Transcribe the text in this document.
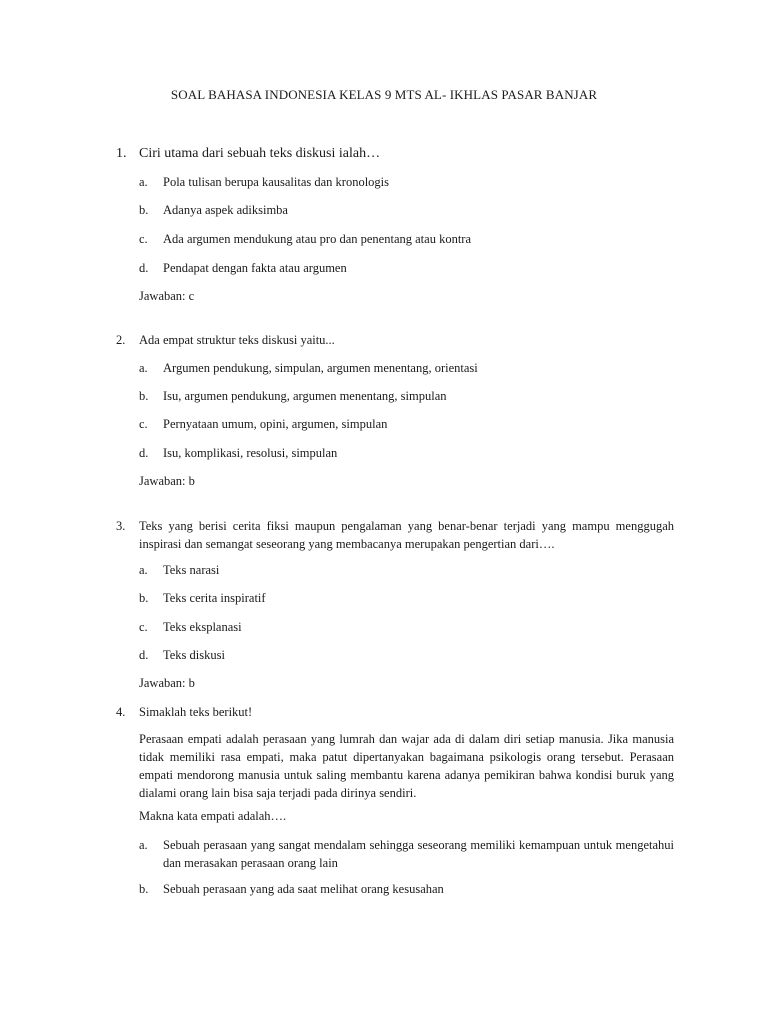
SOAL BAHASA INDONESIA KELAS 9 MTS AL- IKHLAS PASAR BANJAR
1. Ciri utama dari sebuah teks diskusi ialah…
a. Pola tulisan berupa kausalitas dan kronologis
b. Adanya aspek adiksimba
c. Ada argumen mendukung atau pro dan penentang atau kontra
d. Pendapat dengan fakta atau argumen
Jawaban: c
2. Ada empat struktur teks diskusi yaitu...
a. Argumen pendukung, simpulan, argumen menentang, orientasi
b. Isu, argumen pendukung, argumen menentang, simpulan
c. Pernyataan umum, opini, argumen, simpulan
d. Isu, komplikasi, resolusi, simpulan
Jawaban: b
3. Teks yang berisi cerita fiksi maupun pengalaman yang benar-benar terjadi yang mampu menggugah inspirasi dan semangat seseorang yang membacanya merupakan pengertian dari….
a. Teks narasi
b. Teks cerita inspiratif
c. Teks eksplanasi
d. Teks diskusi
Jawaban: b
4. Simaklah teks berikut!
Perasaan empati adalah perasaan yang lumrah dan wajar ada di dalam diri setiap manusia. Jika manusia tidak memiliki rasa empati, maka patut dipertanyakan bagaimana psikologis orang tersebut. Perasaan empati mendorong manusia untuk saling membantu karena adanya pemikiran bahwa kondisi buruk yang dialami orang lain bisa saja terjadi pada dirinya sendiri.
Makna kata empati adalah….
a. Sebuah perasaan yang sangat mendalam sehingga seseorang memiliki kemampuan untuk mengetahui dan merasakan perasaan orang lain
b. Sebuah perasaan yang ada saat melihat orang kesusahan
